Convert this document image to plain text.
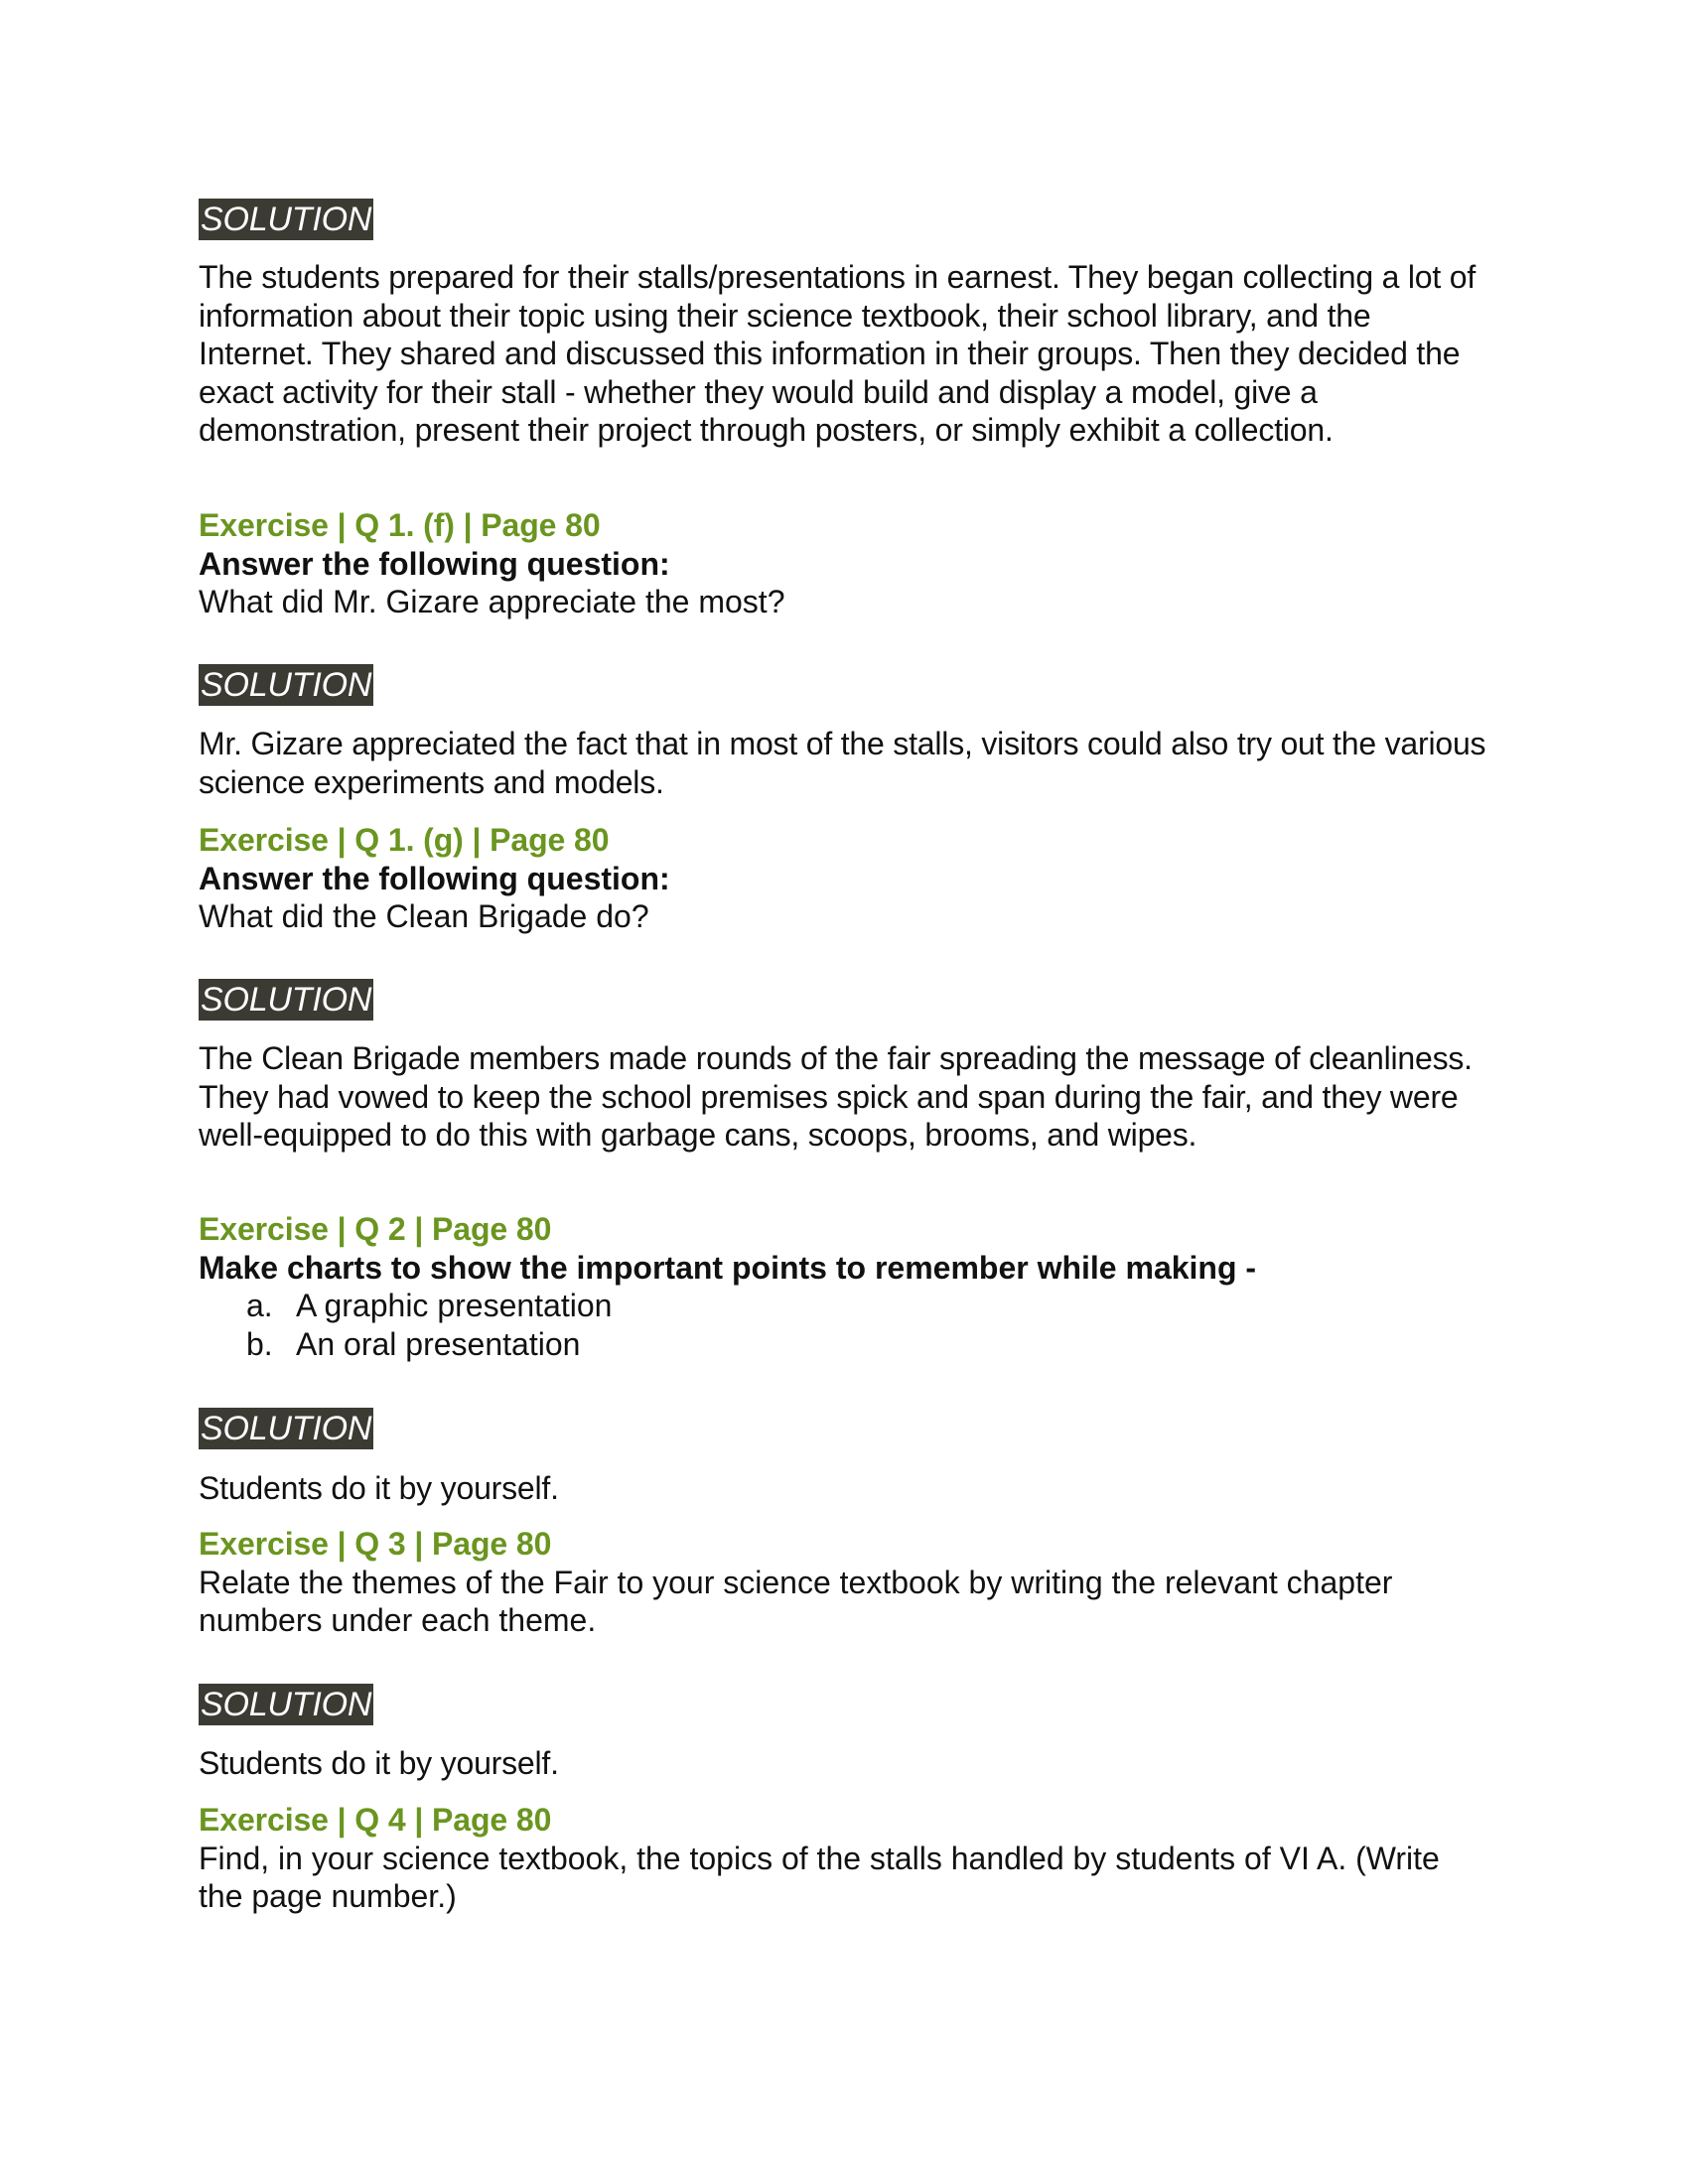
SOLUTION

The students prepared for their stalls/presentations in earnest. They began collecting a lot of information about their topic using their science textbook, their school library, and the Internet. They shared and discussed this information in their groups. Then they decided the exact activity for their stall - whether they would build and display a model, give a demonstration, present their project through posters, or simply exhibit a collection.

Exercise | Q 1. (f) | Page 80

Answer the following question:

What did Mr. Gizare appreciate the most?

SOLUTION

Mr. Gizare appreciated the fact that in most of the stalls, visitors could also try out the various science experiments and models.

Exercise | Q 1. (g) | Page 80

Answer the following question:

What did the Clean Brigade do?

SOLUTION

The Clean Brigade members made rounds of the fair spreading the message of cleanliness. They had vowed to keep the school premises spick and span during the fair, and they were well-equipped to do this with garbage cans, scoops, brooms, and wipes.

Exercise | Q 2 | Page 80

Make charts to show the important points to remember while making -

a. A graphic presentation
b. An oral presentation
SOLUTION

Students do it by yourself.

Exercise | Q 3 | Page 80

Relate the themes of the Fair to your science textbook by writing the relevant chapter numbers under each theme.

SOLUTION

Students do it by yourself.

Exercise | Q 4 | Page 80

Find, in your science textbook, the topics of the stalls handled by students of VI A. (Write the page number.)
